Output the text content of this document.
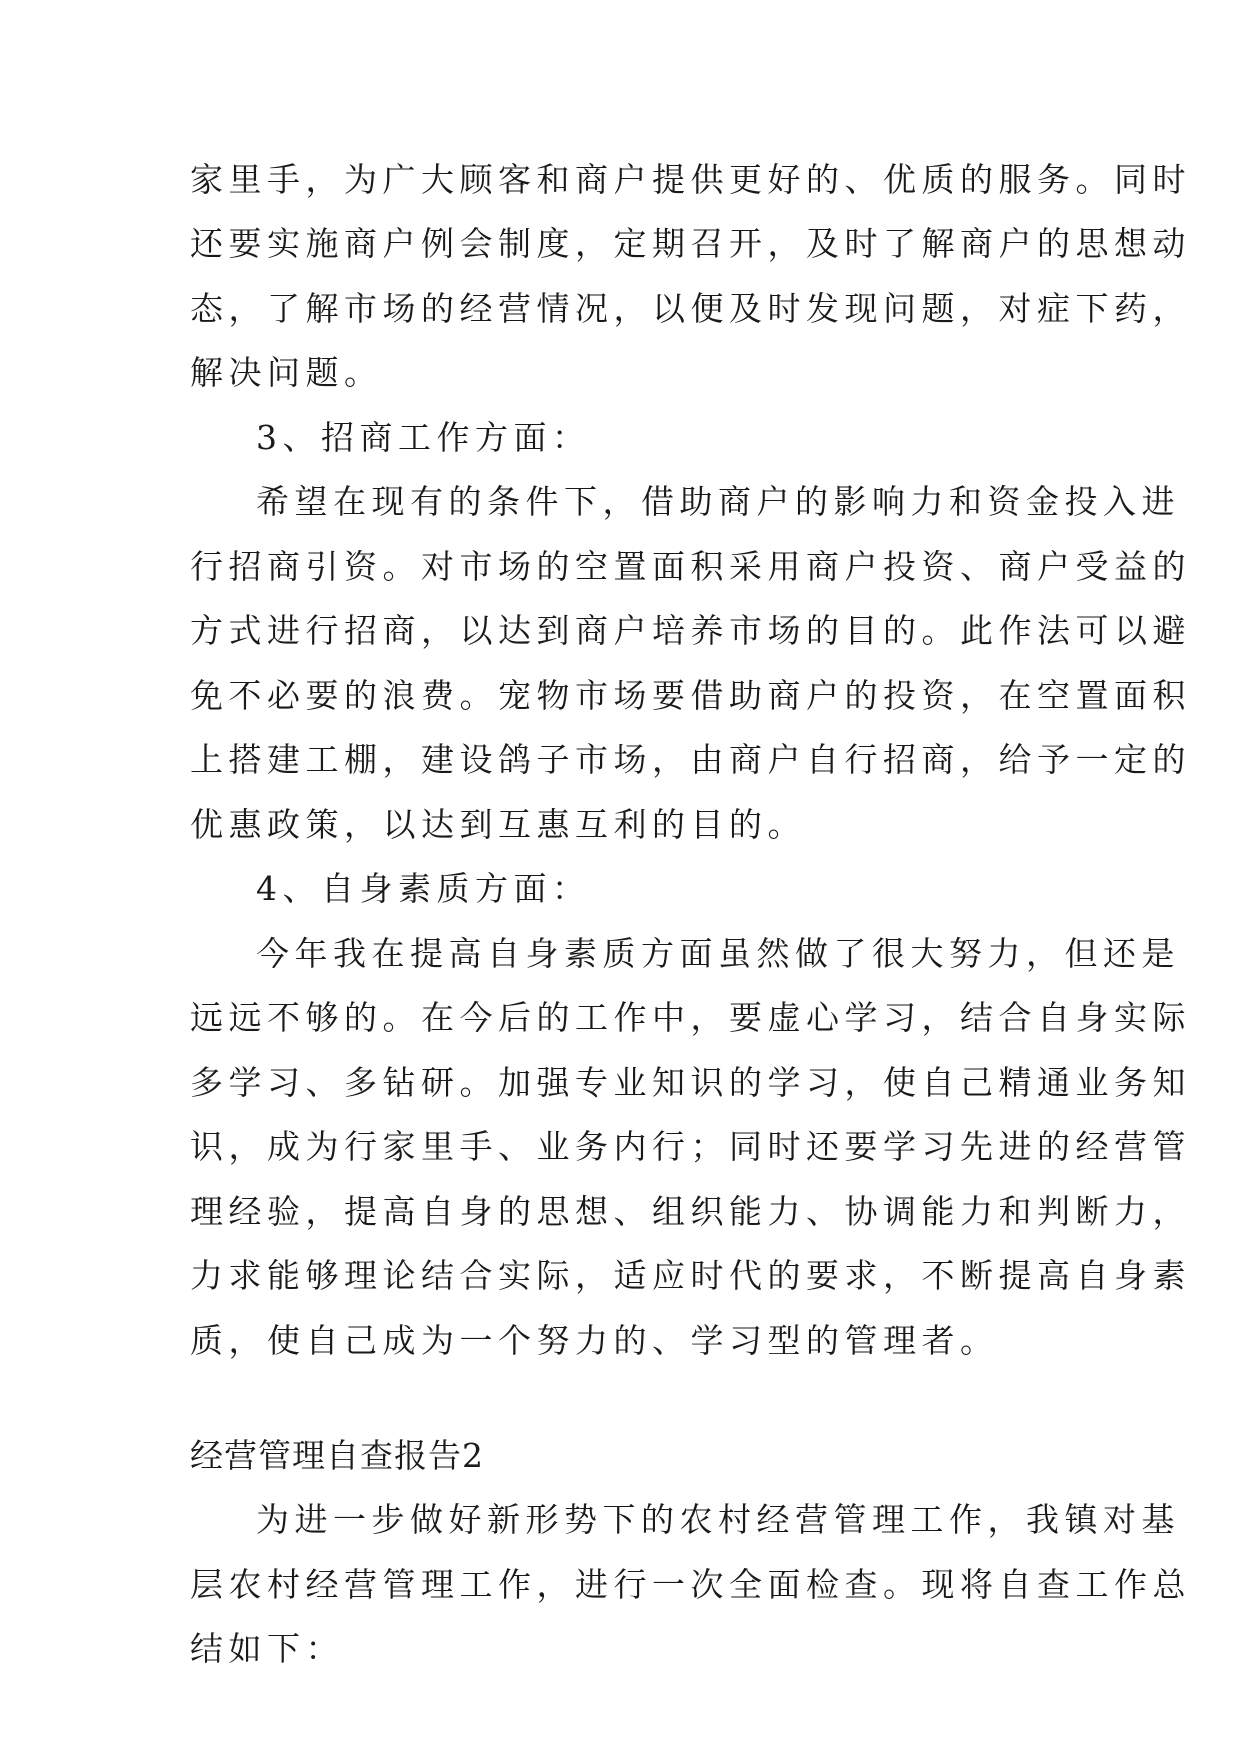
家里手，为广大顾客和商户提供更好的、优质的服务。同时
还要实施商户例会制度，定期召开，及时了解商户的思想动
态，了解市场的经营情况，以便及时发现问题，对症下药，
解决问题。
3、招商工作方面：
希望在现有的条件下，借助商户的影响力和资金投入进
行招商引资。对市场的空置面积采用商户投资、商户受益的
方式进行招商，以达到商户培养市场的目的。此作法可以避
免不必要的浪费。宠物市场要借助商户的投资，在空置面积
上搭建工棚，建设鸽子市场，由商户自行招商，给予一定的
优惠政策，以达到互惠互利的目的。
4、自身素质方面：
今年我在提高自身素质方面虽然做了很大努力，但还是
远远不够的。在今后的工作中，要虚心学习，结合自身实际
多学习、多钻研。加强专业知识的学习，使自己精通业务知
识，成为行家里手、业务内行；同时还要学习先进的经营管
理经验，提高自身的思想、组织能力、协调能力和判断力，
力求能够理论结合实际，适应时代的要求，不断提高自身素
质，使自己成为一个努力的、学习型的管理者。
经营管理自查报告2
为进一步做好新形势下的农村经营管理工作，我镇对基
层农村经营管理工作，进行一次全面检查。现将自查工作总
结如下：
